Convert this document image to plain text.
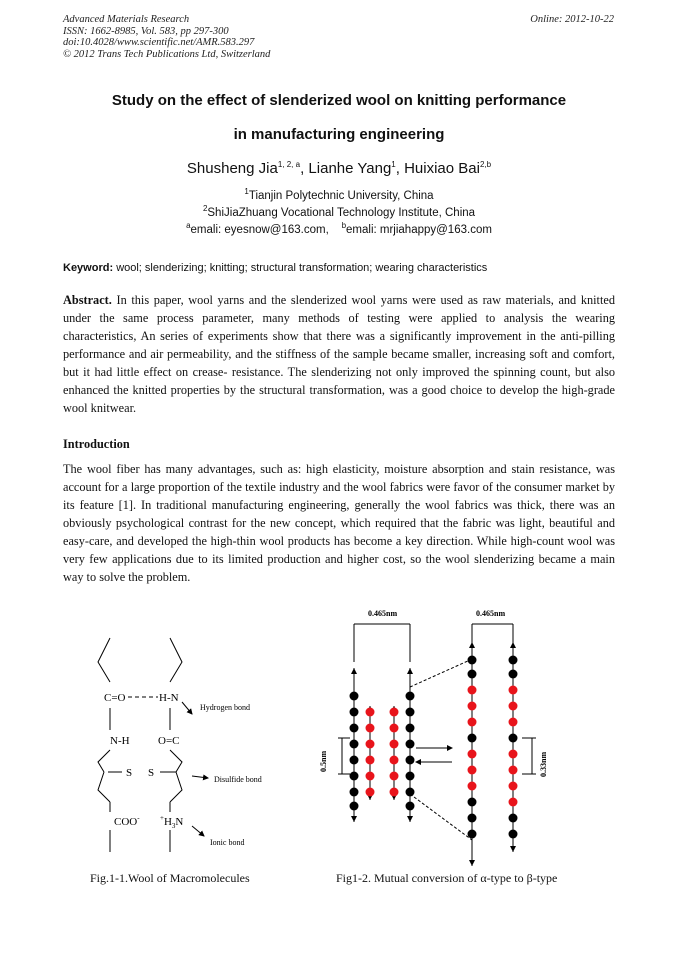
Advanced Materials Research
ISSN: 1662-8985, Vol. 583, pp 297-300
doi:10.4028/www.scientific.net/AMR.583.297
© 2012 Trans Tech Publications Ltd, Switzerland
Online: 2012-10-22
Study on the effect of slenderized wool on knitting performance
in manufacturing engineering
Shusheng Jia$^{1, 2, a}$, Lianhe Yang$^1$, Huixiao Bai$^{2,b}$
$^1$Tianjin Polytechnic University, China
$^2$ShiJiaZhuang Vocational Technology Institute, China
$^a$emali: eyesnow@163.com, $^b$emali: mrjiahappy@163.com
Keyword: wool; slenderizing; knitting; structural transformation; wearing characteristics
Abstract. In this paper, wool yarns and the slenderized wool yarns were used as raw materials, and knitted under the same process parameter, many methods of testing were applied to analysis the wearing characteristics, An series of experiments show that there was a significantly improvement in the anti-pilling performance and air permeability, and the stiffness of the sample became smaller, increasing soft and comfort, but it had little effect on crease- resistance. The slenderizing not only improved the spinning count, but also enhanced the knitted properties by the structural transformation, was a good choice to develop the high-grade wool knitwear.
Introduction
The wool fiber has many advantages, such as: high elasticity, moisture absorption and stain resistance, was account for a large proportion of the textile industry and the wool fabrics were favor of the consumer market by its feature [1]. In traditional manufacturing engineering, generally the wool fabrics was thick, there was an obviously psychological contrast for the new concept, which required that the fabric was light, beautiful and easy-care, and developed the high-thin wool products has become a key direction. While high-count wool was very few applications due to its limited production and higher cost, so the wool slenderizing became a main way to solve the problem.
C=O	H-N
N-H	O=C
S S
COO-	$^+H_3N$
Hydrogen bond
Disulfide bond
Ionic bond
0.465nm	0.465nm
0.5nm	0.33nm
Fig.1-1.Wool of Macromolecules	Fig1-2. Mutual conversion of α-type to β-type
